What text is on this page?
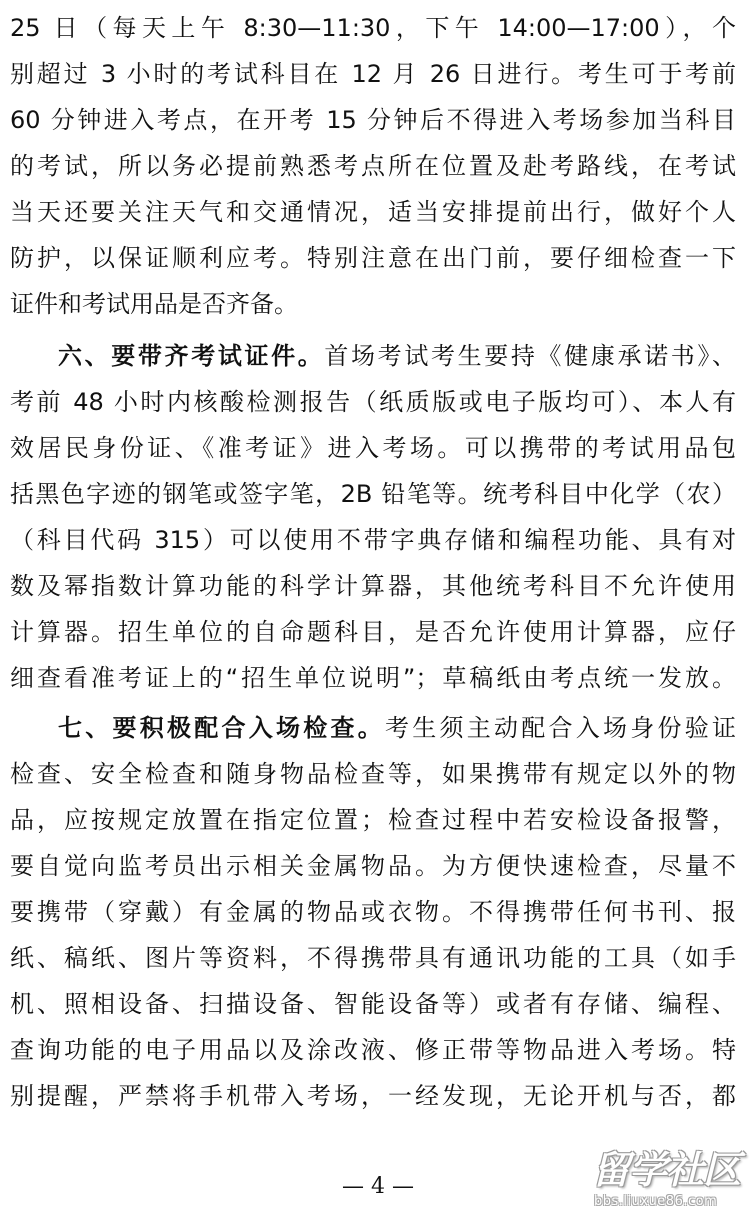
25 日（每天上午 8:30—11:30，下午 14:00—17:00），个
别超过 3 小时的考试科目在 12 月 26 日进行。考生可于考前
60 分钟进入考点，在开考 15 分钟后不得进入考场参加当科目
的考试，所以务必提前熟悉考点所在位置及赴考路线，在考试
当天还要关注天气和交通情况，适当安排提前出行，做好个人
防护，以保证顺利应考。特别注意在出门前，要仔细检查一下
证件和考试用品是否齐备。
六、要带齐考试证件。首场考试考生要持《健康承诺书》、
考前 48 小时内核酸检测报告（纸质版或电子版均可）、本人有
效居民身份证、《准考证》进入考场。可以携带的考试用品包
括黑色字迹的钢笔或签字笔，2B 铅笔等。统考科目中化学（农）
（科目代码 315）可以使用不带字典存储和编程功能、具有对
数及幂指数计算功能的科学计算器，其他统考科目不允许使用
计算器。招生单位的自命题科目，是否允许使用计算器，应仔
细查看准考证上的“招生单位说明”；草稿纸由考点统一发放。
七、要积极配合入场检查。考生须主动配合入场身份验证
检查、安全检查和随身物品检查等，如果携带有规定以外的物
品，应按规定放置在指定位置；检查过程中若安检设备报警，
要自觉向监考员出示相关金属物品。为方便快速检查，尽量不
要携带（穿戴）有金属的物品或衣物。不得携带任何书刊、报
纸、稿纸、图片等资料，不得携带具有通讯功能的工具（如手
机、照相设备、扫描设备、智能设备等）或者有存储、编程、
查询功能的电子用品以及涂改液、修正带等物品进入考场。特
别提醒，严禁将手机带入考场，一经发现，无论开机与否，都
— 4 —	留学社区
bbs.liuxue86.com
